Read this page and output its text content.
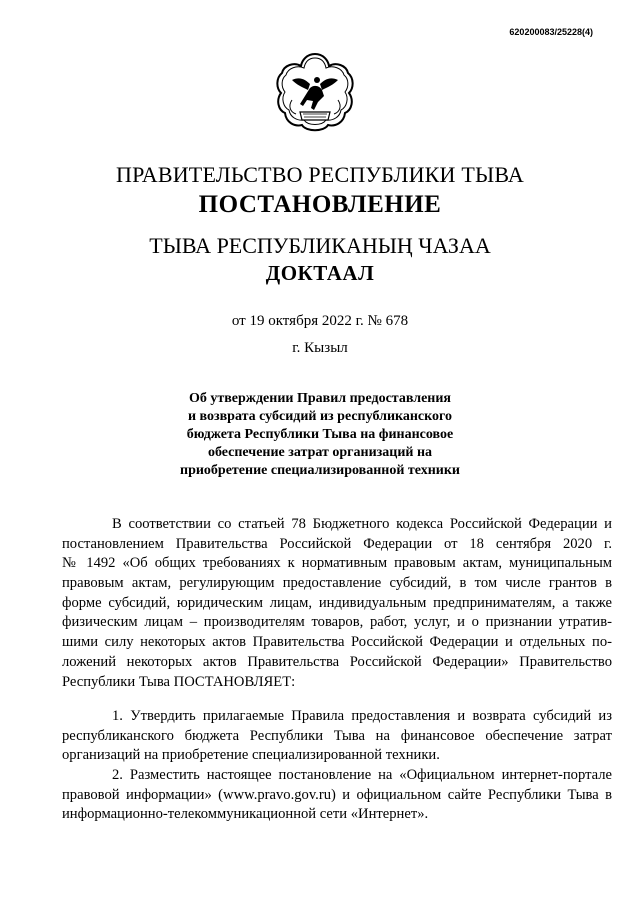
620200083/25228(4)
ПРАВИТЕЛЬСТВО РЕСПУБЛИКИ ТЫВА
ПОСТАНОВЛЕНИЕ
ТЫВА РЕСПУБЛИКАНЫҢ ЧАЗАА
ДОКТААЛ
от 19 октября 2022 г. № 678
г. Кызыл
Об утверждении Правил предоставления
и возврата субсидий из республиканского
бюджета Республики Тыва на финансовое
обеспечение затрат организаций на
приобретение специализированной техники
В соответствии со статьей 78 Бюджетного кодекса Российской Федерации и
постановлением Правительства Российской Федерации от 18 сентября 2020 г.
№ 1492 «Об общих требованиях к нормативным правовым актам, муниципальным
правовым актам, регулирующим предоставление субсидий, в том числе грантов в
форме субсидий, юридическим лицам, индивидуальным предпринимателям, а также
физическим лицам – производителям товаров, работ, услуг, и о признании утратив-
шими силу некоторых актов Правительства Российской Федерации и отдельных по-
ложений некоторых актов Правительства Российской Федерации» Правительство
Республики Тыва ПОСТАНОВЛЯЕТ:
1. Утвердить прилагаемые Правила предоставления и возврата субсидий из
республиканского бюджета Республики Тыва на финансовое обеспечение затрат
организаций на приобретение специализированной техники.
2. Разместить настоящее постановление на «Официальном интернет-портале
правовой информации» (www.pravo.gov.ru) и официальном сайте Республики Тыва в
информационно-телекоммуникационной сети «Интернет».
